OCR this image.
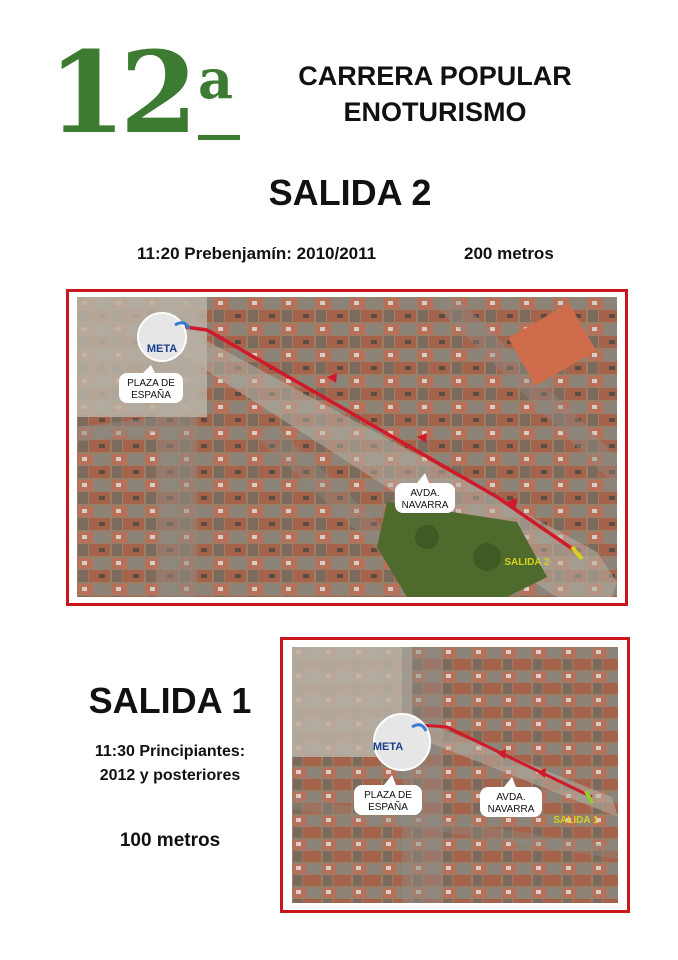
12 a	CARRERA POPULAR
ENOTURISMO
SALIDA 2
11:20 Prebenjamín: 2010/2011	200 metros
META
PLAZA DE
ESPAÑA
AVDA.
NAVARRA
SALIDA 2
SALIDA 1
11:30 Principiantes:
2012 y posteriores
100 metros
META
PLAZA DE
ESPAÑA
AVDA.
NAVARRA
SALIDA 1
